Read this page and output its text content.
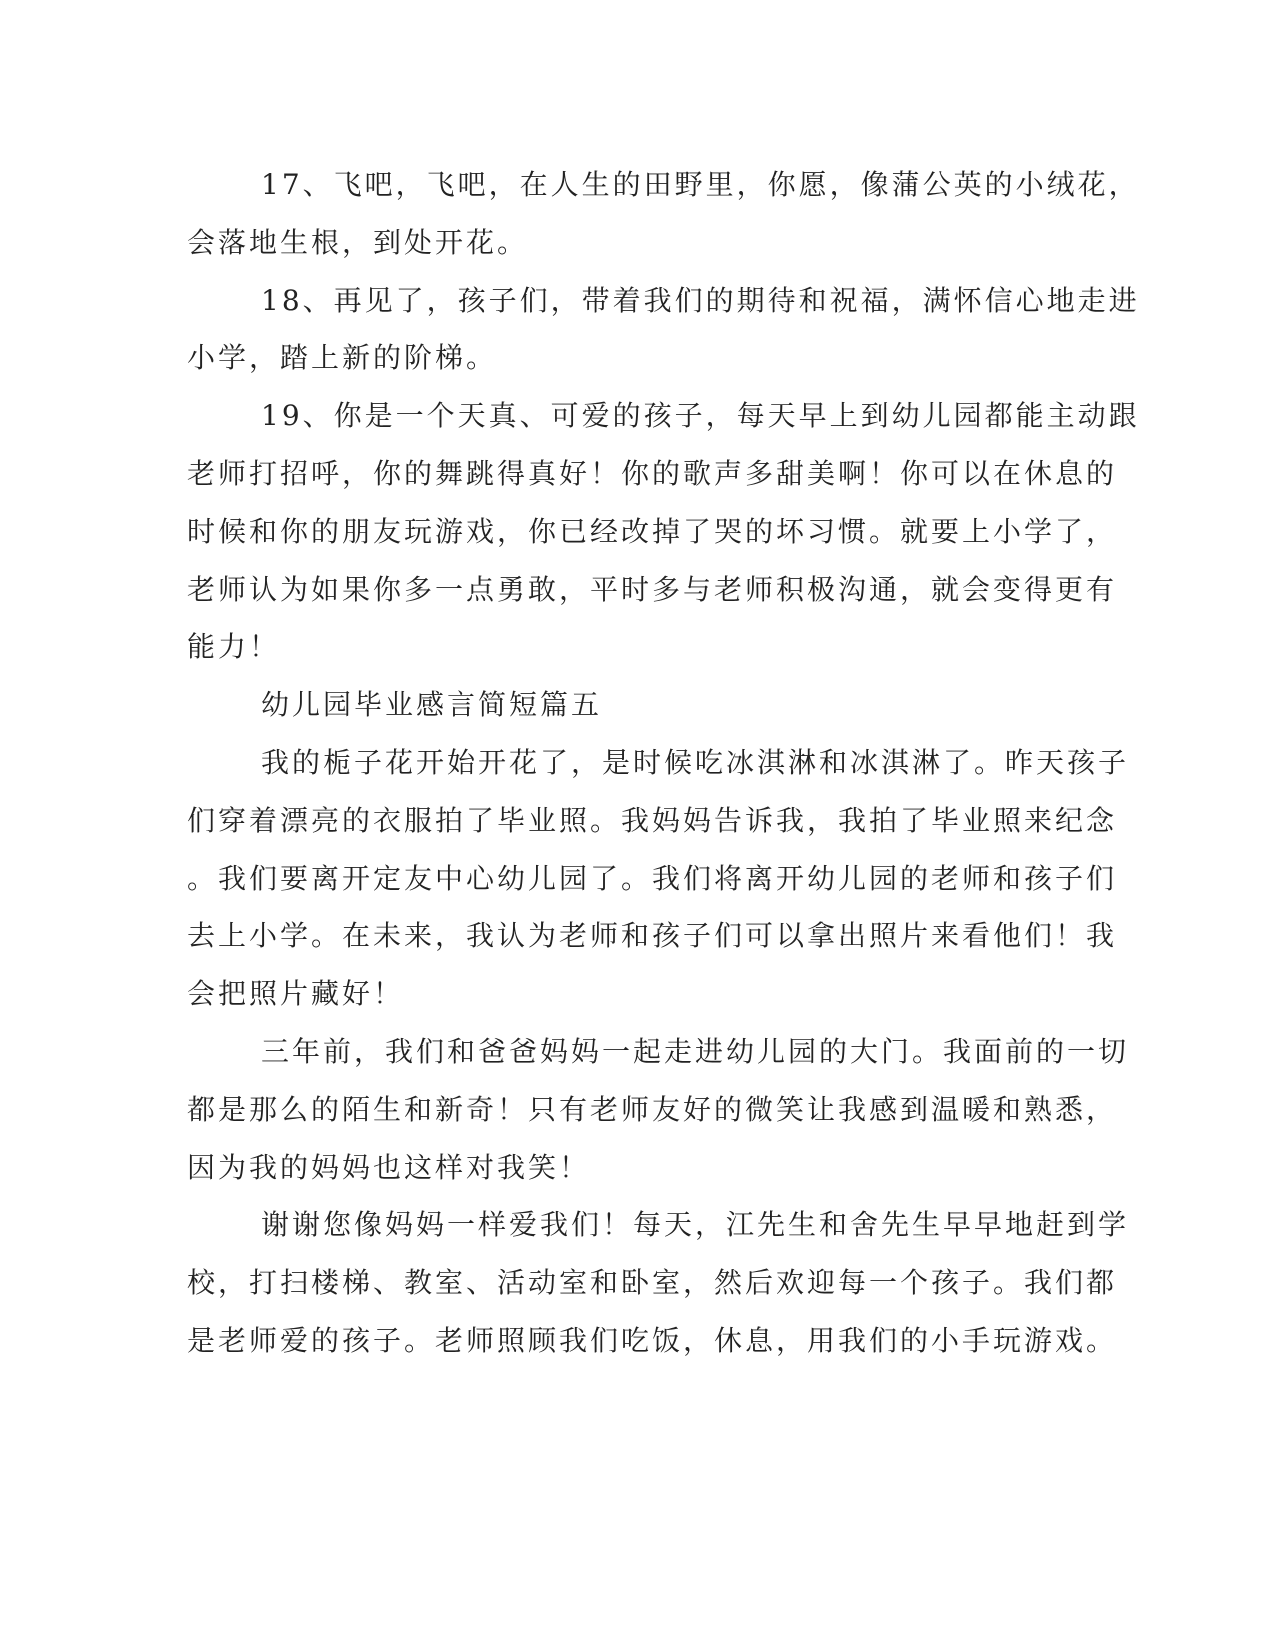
17、飞吧，飞吧，在人生的田野里，你愿，像蒲公英的小绒花，
会落地生根，到处开花。
18、再见了，孩子们，带着我们的期待和祝福，满怀信心地走进
小学，踏上新的阶梯。
19、你是一个天真、可爱的孩子，每天早上到幼儿园都能主动跟
老师打招呼，你的舞跳得真好！你的歌声多甜美啊！你可以在休息的
时候和你的朋友玩游戏，你已经改掉了哭的坏习惯。就要上小学了，
老师认为如果你多一点勇敢，平时多与老师积极沟通，就会变得更有
能力！
幼儿园毕业感言简短篇五
我的栀子花开始开花了，是时候吃冰淇淋和冰淇淋了。昨天孩子
们穿着漂亮的衣服拍了毕业照。我妈妈告诉我，我拍了毕业照来纪念
。我们要离开定友中心幼儿园了。我们将离开幼儿园的老师和孩子们
去上小学。在未来，我认为老师和孩子们可以拿出照片来看他们！我
会把照片藏好！
三年前，我们和爸爸妈妈一起走进幼儿园的大门。我面前的一切
都是那么的陌生和新奇！只有老师友好的微笑让我感到温暖和熟悉，
因为我的妈妈也这样对我笑！
谢谢您像妈妈一样爱我们！每天，江先生和舍先生早早地赶到学
校，打扫楼梯、教室、活动室和卧室，然后欢迎每一个孩子。我们都
是老师爱的孩子。老师照顾我们吃饭，休息，用我们的小手玩游戏。
